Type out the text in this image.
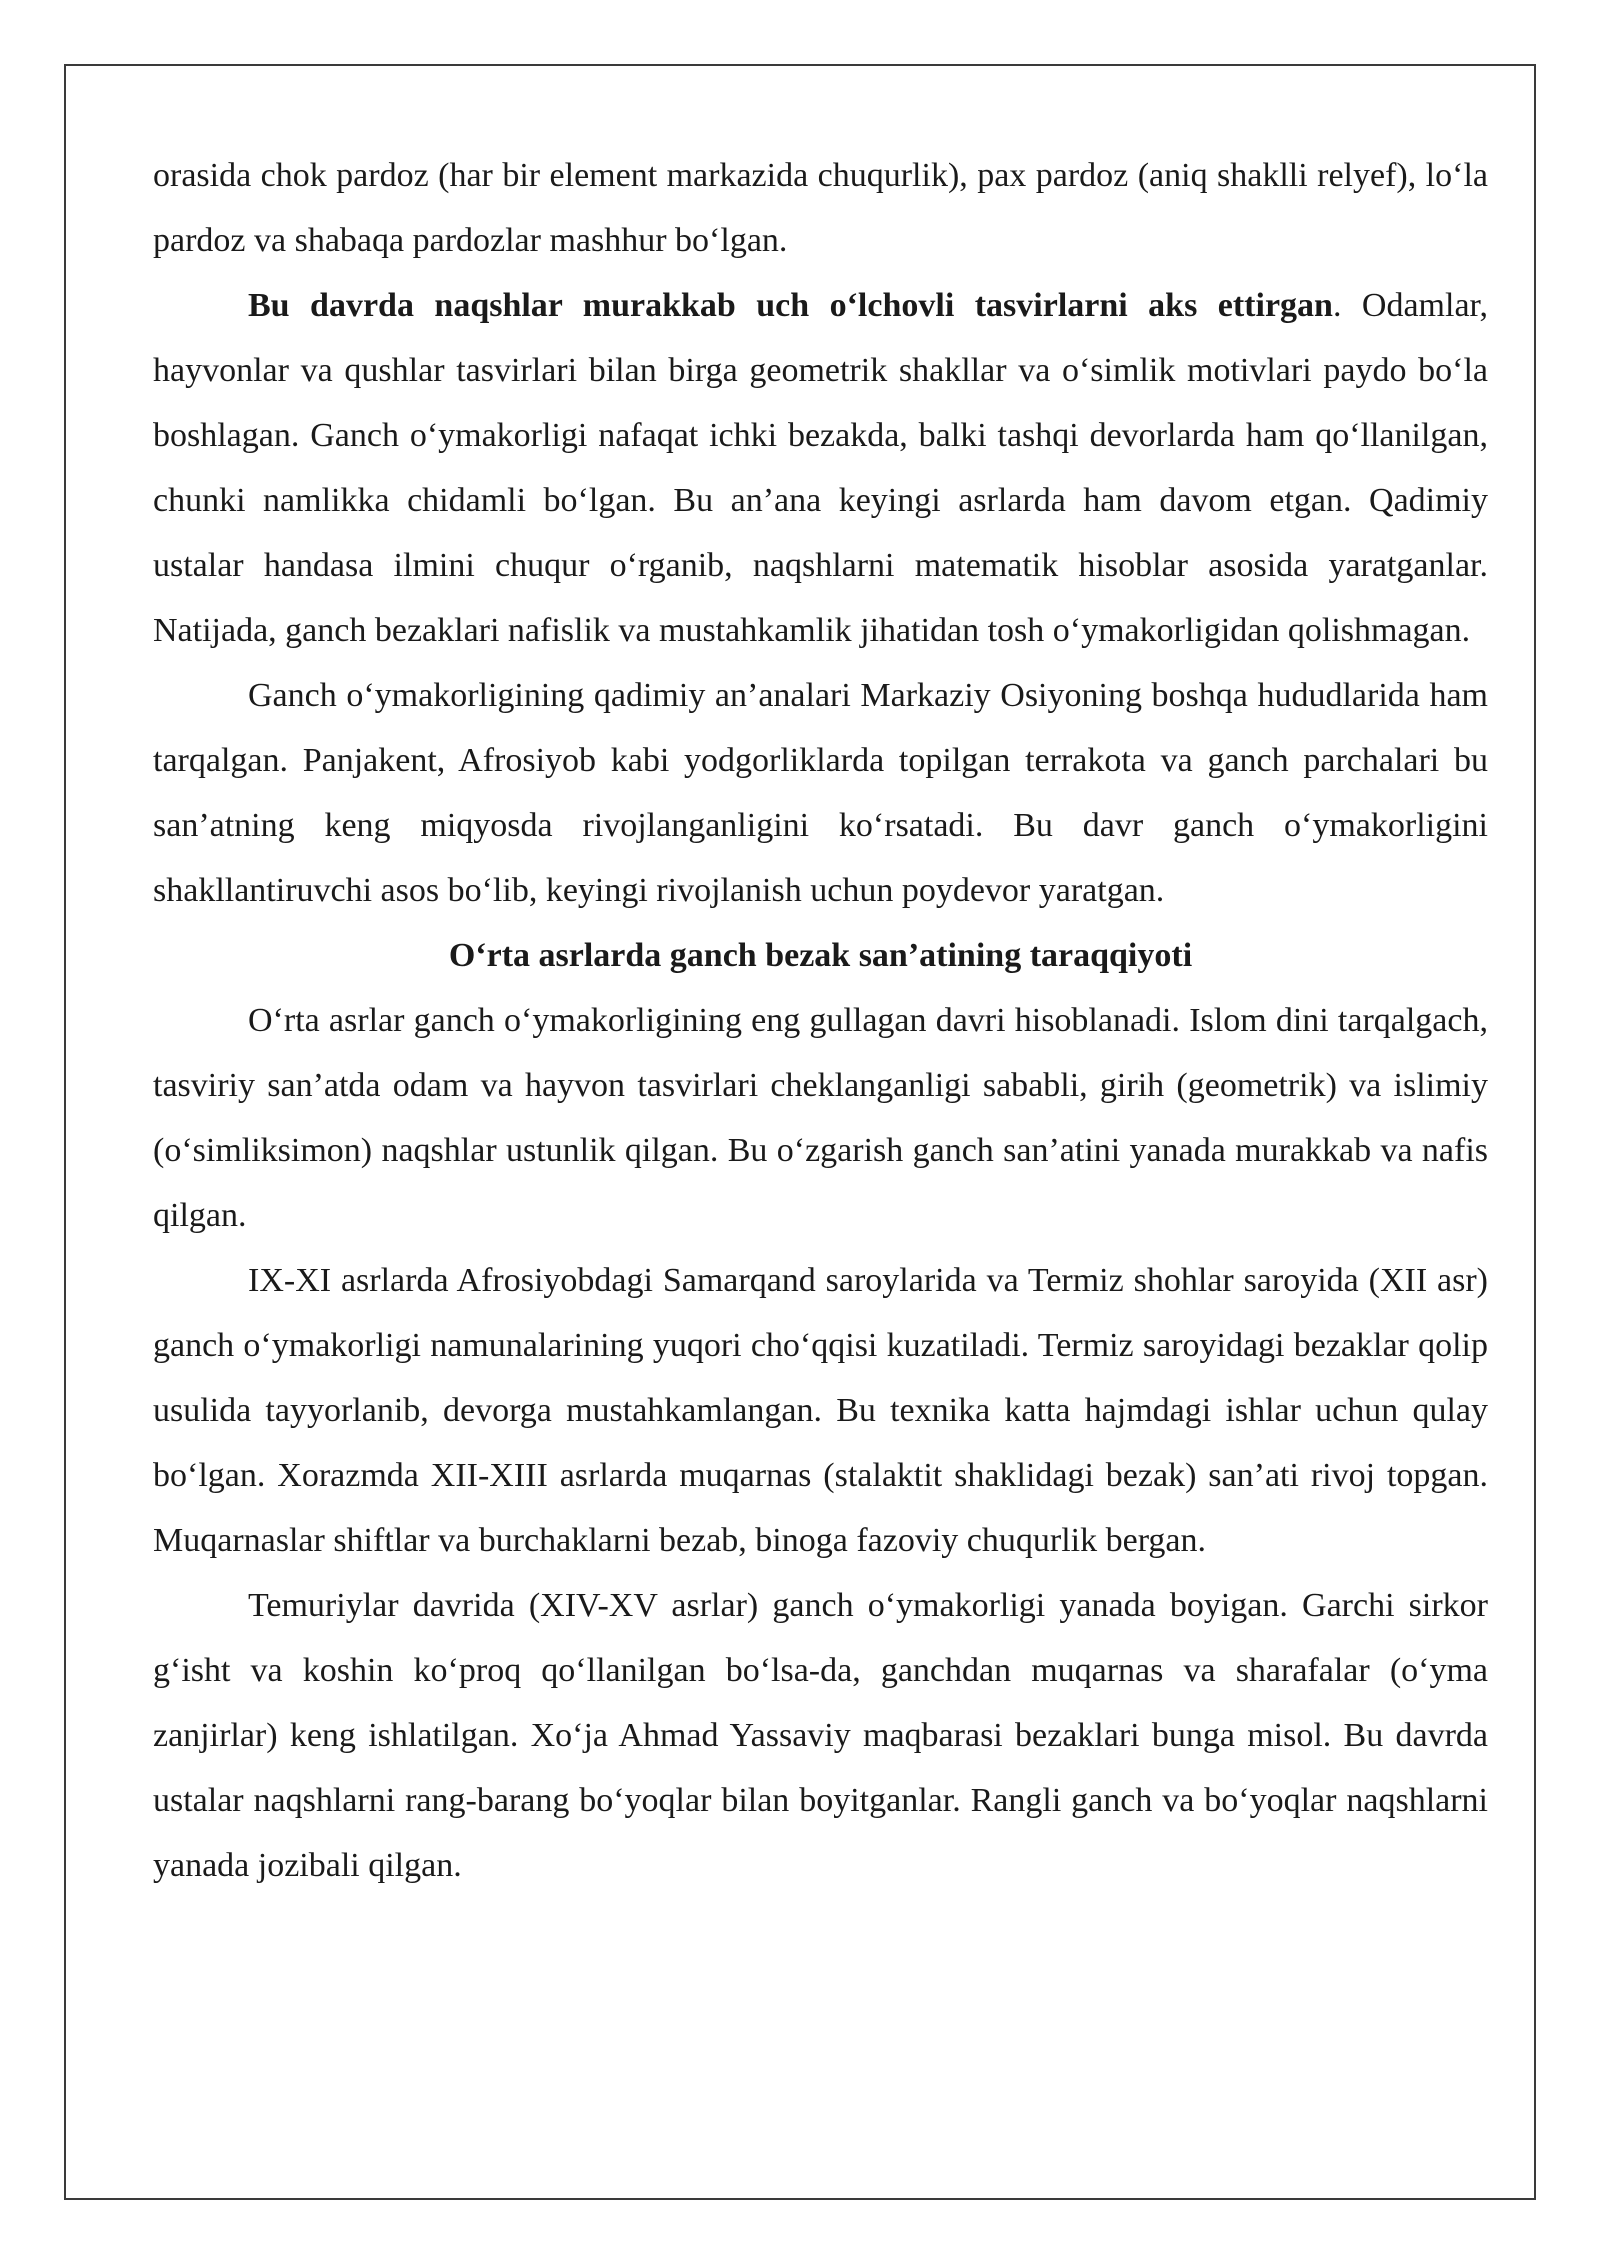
orasida chok pardoz (har bir element markazida chuqurlik), pax pardoz (aniq shaklli relyef), lo‘la pardoz va shabaqa pardozlar mashhur bo‘lgan.

Bu davrda naqshlar murakkab uch o‘lchovli tasvirlarni aks ettirgan. Odamlar, hayvonlar va qushlar tasvirlari bilan birga geometrik shakllar va o‘simlik motivlari paydo bo‘la boshlagan. Ganch o‘ymakorligi nafaqat ichki bezakda, balki tashqi devorlarda ham qo‘llanilgan, chunki namlikka chidamli bo‘lgan. Bu an’ana keyingi asrlarda ham davom etgan. Qadimiy ustalar handasa ilmini chuqur o‘rganib, naqshlarni matematik hisoblar asosida yaratganlar. Natijada, ganch bezaklari nafislik va mustahkamlik jihatidan tosh o‘ymakorligidan qolishmagan.

Ganch o‘ymakorligining qadimiy an’analari Markaziy Osiyoning boshqa hududlarida ham tarqalgan. Panjakent, Afrosiyob kabi yodgorliklarda topilgan terrakota va ganch parchalari bu san’atning keng miqyosda rivojlanganligini ko‘rsatadi. Bu davr ganch o‘ymakorligini shakllantiruvchi asos bo‘lib, keyingi rivojlanish uchun poydevor yaratgan.

O‘rta asrlarda ganch bezak san’atining taraqqiyoti

O‘rta asrlar ganch o‘ymakorligining eng gullagan davri hisoblanadi. Islom dini tarqalgach, tasviriy san’atda odam va hayvon tasvirlari cheklanganligi sababli, girih (geometrik) va islimiy (o‘simliksimon) naqshlar ustunlik qilgan. Bu o‘zgarish ganch san’atini yanada murakkab va nafis qilgan.

IX-XI asrlarda Afrosiyobdagi Samarqand saroylarida va Termiz shohlar saroyida (XII asr) ganch o‘ymakorligi namunalarining yuqori cho‘qqisi kuzatiladi. Termiz saroyidagi bezaklar qolip usulida tayyorlanib, devorga mustahkamlangan. Bu texnika katta hajmdagi ishlar uchun qulay bo‘lgan. Xorazmda XII-XIII asrlarda muqarnas (stalaktit shaklidagi bezak) san’ati rivoj topgan. Muqarnaslar shiftlar va burchaklarni bezab, binoga fazoviy chuqurlik bergan.

Temuriylar davrida (XIV-XV asrlar) ganch o‘ymakorligi yanada boyigan. Garchi sirkor g‘isht va koshin ko‘proq qo‘llanilgan bo‘lsa-da, ganchdan muqarnas va sharafalar (o‘yma zanjirlar) keng ishlatilgan. Xo‘ja Ahmad Yassaviy maqbarasi bezaklari bunga misol. Bu davrda ustalar naqshlarni rang-barang bo‘yoqlar bilan boyitganlar. Rangli ganch va bo‘yoqlar naqshlarni yanada jozibali qilgan.
